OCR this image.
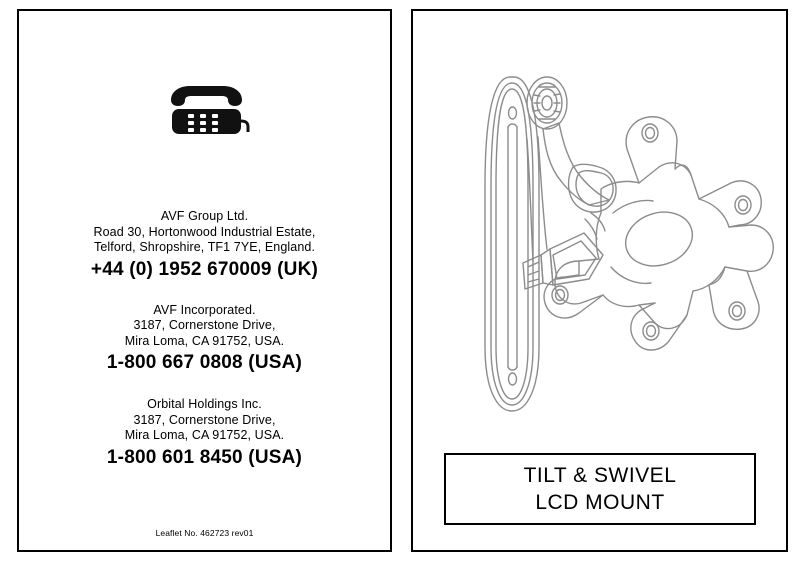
AVF Group Ltd.
Road 30, Hortonwood Industrial Estate,
Telford, Shropshire, TF1 7YE, England.
+44 (0) 1952 670009 (UK)
AVF Incorporated.
3187, Cornerstone Drive,
Mira Loma, CA 91752, USA.
1-800 667 0808 (USA)
Orbital Holdings Inc.
3187, Cornerstone Drive,
Mira Loma, CA 91752, USA.
1-800 601 8450 (USA)
Leaflet No. 462723 rev01
TILT & SWIVEL
LCD MOUNT
